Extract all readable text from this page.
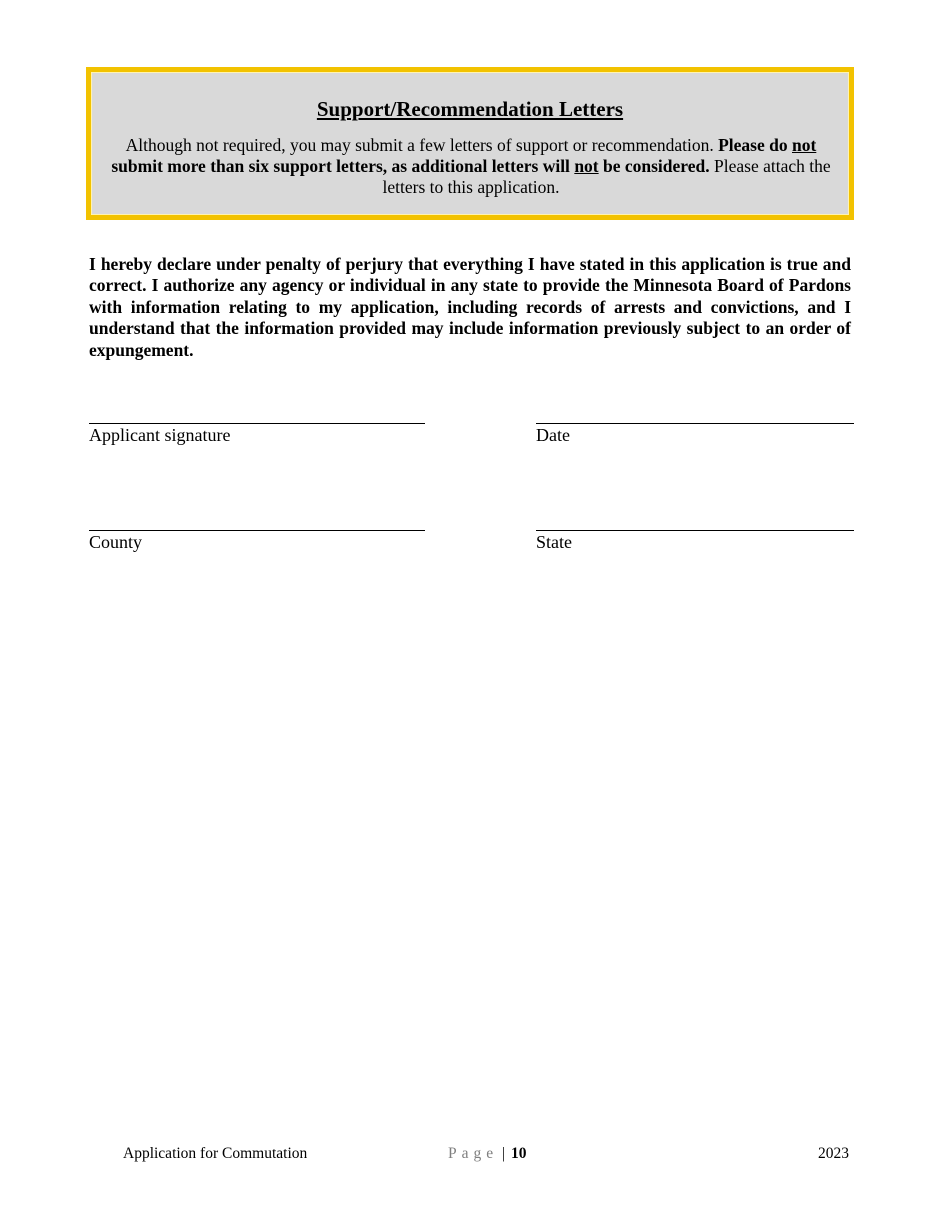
Support/Recommendation Letters

Although not required, you may submit a few letters of support or recommendation. Please do not submit more than six support letters, as additional letters will not be considered. Please attach the letters to this application.

I hereby declare under penalty of perjury that everything I have stated in this application is true and correct. I authorize any agency or individual in any state to provide the Minnesota Board of Pardons with information relating to my application, including records of arrests and convictions, and I understand that the information provided may include information previously subject to an order of expungement.

Applicant signature	Date
County	State
Application for Commutation	Page | 10	2023
